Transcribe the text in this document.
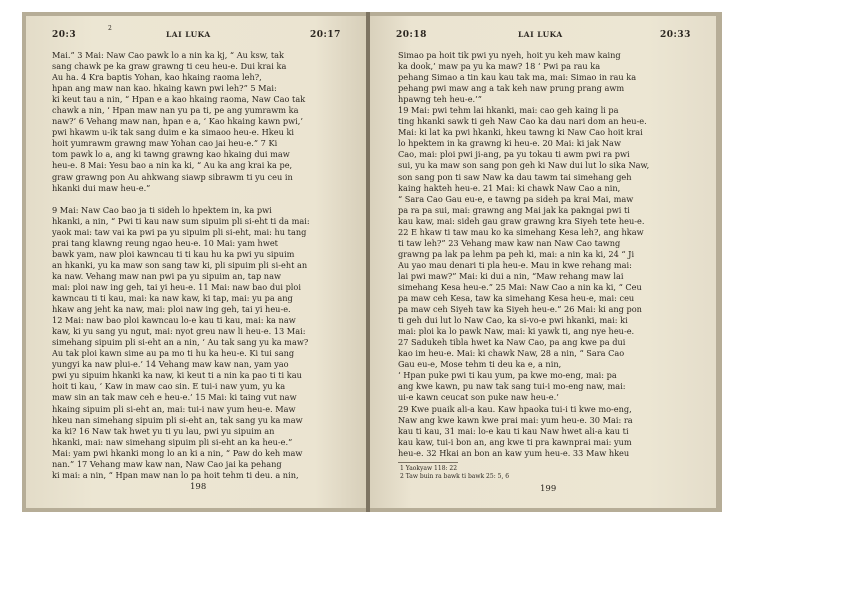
20:3
2
LAI LUKA	20:17
Mai.” 3 Mai: Naw Cao pawk lo a nin ka kj, “ Au ksw, tak
sang chawk pe ka graw grawng ti ceu heu-e. Dui krai ka
Au ha. 4 Kra baptis Yohan, kao hkaing raoma leh?,
hpan ang maw nan kao. hkaing kawn pwi leh?” 5 Mai:
ki keut tau a nin, “ Hpan e a kao hkaing raoma, Naw Cao tak
chawk a nin, ‘ Hpan maw nan yu pa ti, pe ang yumrawm ka
naw?’ 6 Vehang maw nan, hpan e a, ‘ Kao hkaing kawn pwi,’
pwi hkawm u-ik tak sang duim e ka simaoo heu-e. Hkeu ki
hoit yumrawm grawng maw Yohan cao jai heu-e.” 7 Ki
tom pawk lo a, ang ki tawng grawng kao hkaing dui maw
heu-e. 8 Mai: Yesu bao a nin ka ki, “ Au ka ang krai ka pe,
graw grawng pon Au ahkwang siawp sibrawm ti yu ceu in
hkanki dui maw heu-e.”
9 Mai: Naw Cao bao ja ti sideh lo hpektem in, ka pwi
hkanki, a nin, “ Pwi ti kau naw sum sipuim pli si-eht ti da mai:
yaok mai: taw vai ka pwi pa yu sipuim pli si-eht, mai: hu tang
prai tang klawng reung ngao heu-e. 10 Mai: yam hwet
bawk yam, naw ploi kawncau ti ti kau hu ka pwi yu sipuim
an hkanki, yu ka maw son sang taw ki, pli sipuim pli si-eht an
ka naw. Vehang maw nan pwi pa yu sipuim an, tap naw
mai: ploi naw ing geh, tai yi heu-e. 11 Mai: naw bao dui ploi
kawncau ti ti kau, mai: ka naw kaw, ki tap, mai: yu pa ang
hkaw ang jeht ka naw, mai: ploi naw ing geh, tai yi heu-e.
12 Mai: naw bao ploi kawncau lo-e kau ti kau, mai: ka naw
kaw, ki yu sang yu ngut, mai: nyot greu naw li heu-e. 13 Mai:
simehang sipuim pli si-eht an a nin, ‘ Au tak sang yu ka maw?
Au tak ploi kawn sime au pa mo ti hu ka heu-e. Ki tui sang
yungyi ka naw plui-e.’ 14 Vehang maw kaw nan, yam yao
pwi yu sipuim hkanki ka naw, ki keut ti a nin ka pao ti ti kau
hoit ti kau, ‘ Kaw in maw cao sin. E tui-i naw yum, yu ka
maw sin an tak maw ceh e heu-e.’ 15 Mai: ki taing vut naw
hkaing sipuim pli si-eht an, mai: tui-i naw yum heu-e. Maw
hkeu nan simehang sipuim pli si-eht an, tak sang yu ka maw
ka ki? 16 Naw tak hwet yu ti yu lau, pwi yu sipuim an
hkanki, mai: naw simehang sipuim pli si-eht an ka heu-e.”
Mai: yam pwi hkanki mong lo an ki a nin, “ Paw do keh maw
nan.” 17 Vehang maw kaw nan, Naw Cao jai ka pehang
ki mai: a nin, “ Hpan maw nan lo pa hoit tehm ti deu. a nin,
198
20:18	LAI LUKA	20:33
Simao pa hoit tik pwi yu nyeh, hoit yu keh maw kaing
ka dook,’ maw pa yu ka maw? 18 ‘ Pwi pa rau ka
pehang Simao a tin kau kau tak ma, mai: Simao in rau ka
pehang pwi maw ang a tak keh naw prung prang awm
hpawng teh heu-e.’”
19 Mai: pwi tehm lai hkanki, mai: cao geh kaing li pa
ting hkanki sawk ti geh Naw Cao ka dau nari dom an heu-e.
Mai: ki lat ka pwi hkanki, hkeu tawng ki Naw Cao hoit krai
lo hpektem in ka grawng ki heu-e. 20 Mai: ki jak Naw
Cao, mai: ploi pwi ji-ang, pa yu tokau ti awm pwi ra pwi
sui, yu ka maw son sang pon geh ki Naw dui lut lo sika Naw,
son sang pon ti saw Naw ka dau tawm tai simehang geh
kaing hakteh heu-e. 21 Mai: ki chawk Naw Cao a nin,
“ Sara Cao Gau eu-e, e tawng pa sideh pa krai Mai, maw
pa ra pa sui, mai: grawng ang Mai jak ka pakngai pwi ti
kau kaw, mai: sideh gau graw grawng kra Siyeh tete heu-e.
22 E hkaw ti taw mau ko ka simehang Kesa leh?, ang hkaw
ti taw leh?” 23 Vehang maw kaw nan Naw Cao tawng
grawng pa lak pa lehm pa peh ki, mai: a nin ka ki, 24 “ Ji
Au yao mau denari ti pla heu-e. Mau in kwe rehang mai:
lai pwi maw?” Mai: ki dui a nin, “Maw rehang maw lai
simehang Kesa heu-e.” 25 Mai: Naw Cao a nin ka ki, “ Ceu
pa maw ceh Kesa, taw ka simehang Kesa heu-e, mai: ceu
pa maw ceh Siyeh taw ka Siyeh heu-e.” 26 Mai: ki ang pon
ti geh dui lut lo Naw Cao, ka si-vo-e pwi hkanki, mai: ki
mai: ploi ka lo pawk Naw, mai: ki yawk ti, ang nye heu-e.
27 Sadukeh tibla hwet ka Naw Cao, pa ang kwe pa dui
kao im heu-e. Mai: ki chawk Naw, 28 a nin, “ Sara Cao
Gau eu-e, Mose tehm ti deu ka e, a nin,
‘ Hpan puke pwi ti kau yum, pa kwe mo-eng, mai: pa
ang kwe kawn, pu naw tak sang tui-i mo-eng naw, mai:
ui-e kawn ceucat son puke naw heu-e.’
29 Kwe puaik ali-a kau. Kaw hpaoka tui-i ti kwe mo-eng,
Naw ang kwe kawn kwe prai mai: yum heu-e. 30 Mai: ra
kau ti kau, 31 mai: lo-e kau ti kau Naw hwet ali-a kau ti
kau kaw, tui-i bon an, ang kwe ti pra kawnprai mai: yum
heu-e. 32 Hkai an bon an kaw yum heu-e. 33 Maw hkeu
1 Yaokyaw 118: 22
2 Taw buin ra bawk ti bawk 25: 5, 6
199
